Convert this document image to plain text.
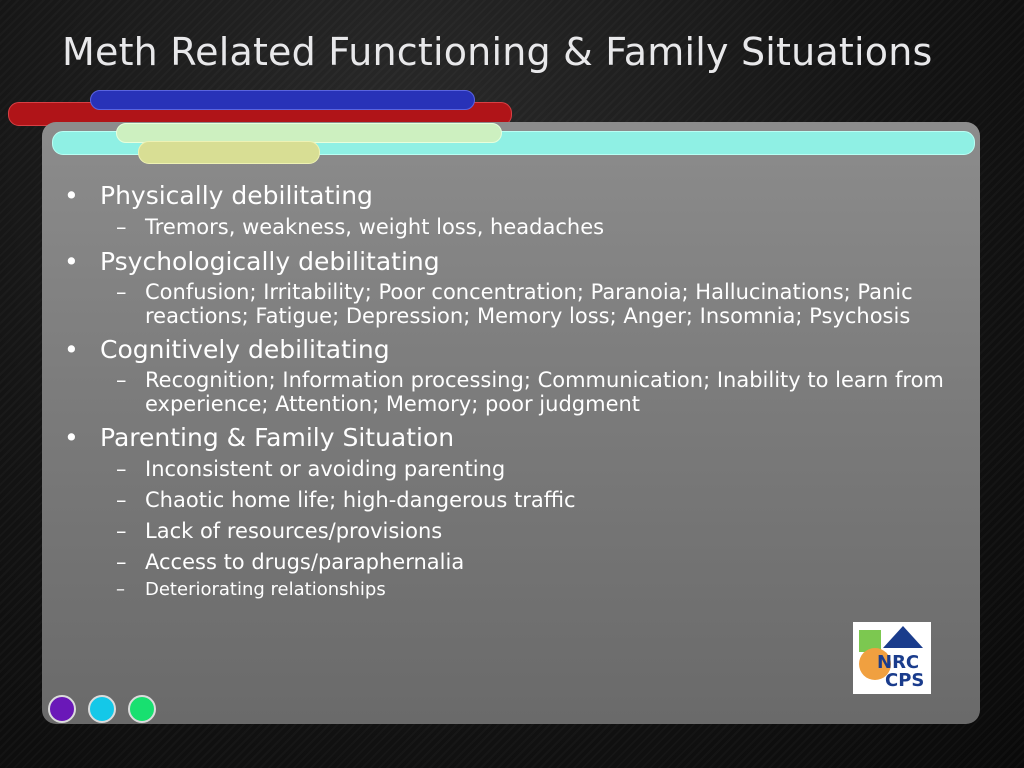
Meth Related Functioning & Family Situations
• Physically debilitating
– Tremors, weakness, weight loss, headaches
• Psychologically debilitating
– Confusion; Irritability; Poor concentration; Paranoia; Hallucinations; Panic reactions; Fatigue; Depression; Memory loss; Anger; Insomnia; Psychosis
• Cognitively debilitating
– Recognition; Information processing; Communication; Inability to learn from experience; Attention; Memory; poor judgment
• Parenting & Family Situation
– Inconsistent or avoiding parenting
– Chaotic home life; high-dangerous traffic
– Lack of resources/provisions
– Access to drugs/paraphernalia
– Deteriorating relationships
NRC
CPS
